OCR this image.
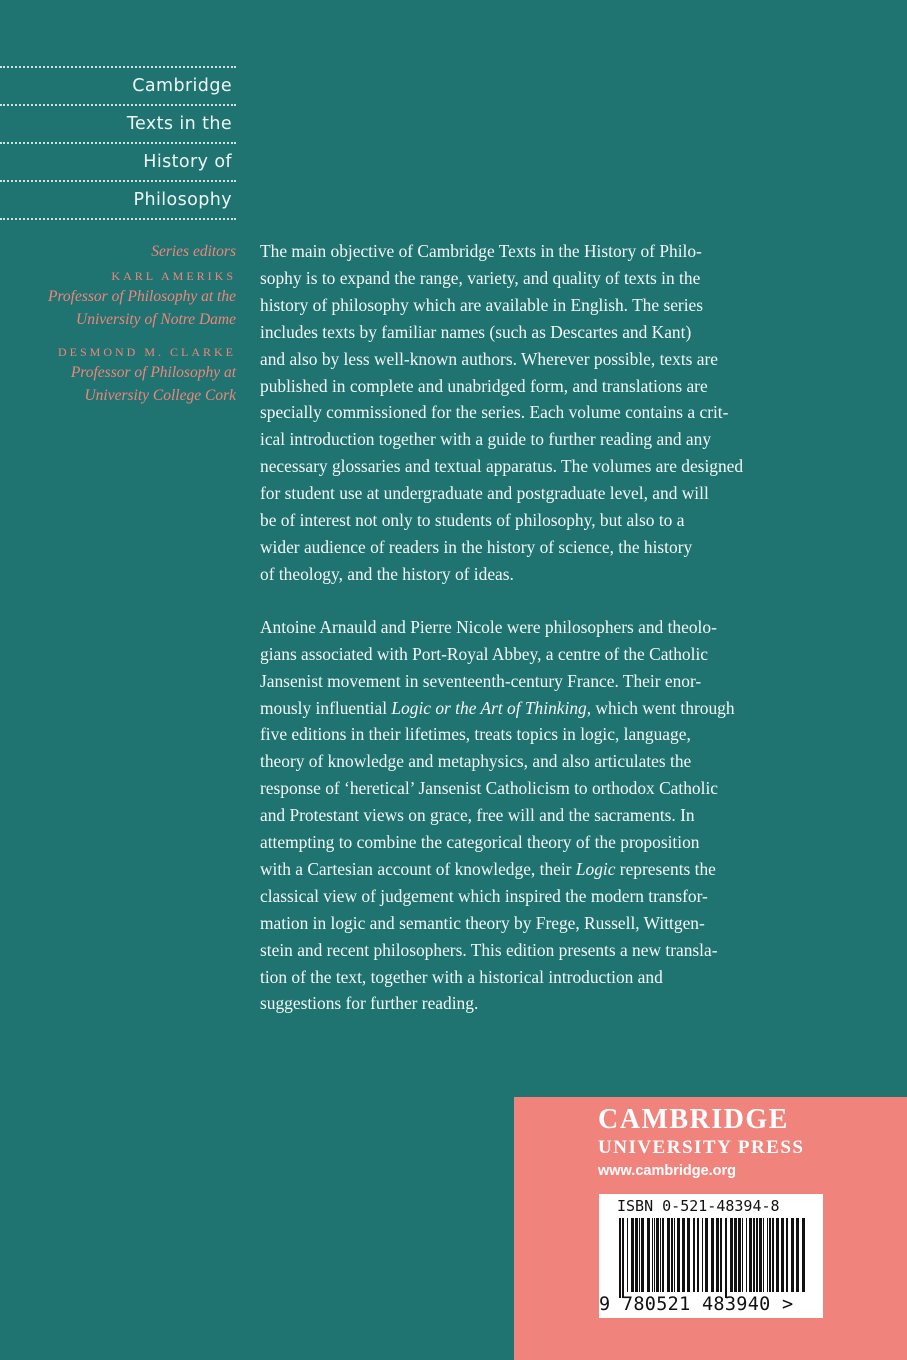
Cambridge
Texts in the
History of
Philosophy
Series editors
KARL AMERIKS
Professor of Philosophy at the
University of Notre Dame
DESMOND M. CLARKE
Professor of Philosophy at
University College Cork

The main objective of Cambridge Texts in the History of Philo-
sophy is to expand the range, variety, and quality of texts in the
history of philosophy which are available in English. The series
includes texts by familiar names (such as Descartes and Kant)
and also by less well-known authors. Wherever possible, texts are
published in complete and unabridged form, and translations are
specially commissioned for the series. Each volume contains a crit-
ical introduction together with a guide to further reading and any
necessary glossaries and textual apparatus. The volumes are designed
for student use at undergraduate and postgraduate level, and will
be of interest not only to students of philosophy, but also to a
wider audience of readers in the history of science, the history
of theology, and the history of ideas.

Antoine Arnauld and Pierre Nicole were philosophers and theolo-
gians associated with Port-Royal Abbey, a centre of the Catholic
Jansenist movement in seventeenth-century France. Their enor-
mously influential Logic or the Art of Thinking, which went through
five editions in their lifetimes, treats topics in logic, language,
theory of knowledge and metaphysics, and also articulates the
response of ‘heretical’ Jansenist Catholicism to orthodox Catholic
and Protestant views on grace, free will and the sacraments. In
attempting to combine the categorical theory of the proposition
with a Cartesian account of knowledge, their Logic represents the
classical view of judgement which inspired the modern transfor-
mation in logic and semantic theory by Frege, Russell, Wittgen-
stein and recent philosophers. This edition presents a new transla-
tion of the text, together with a historical introduction and
suggestions for further reading.

CAMBRIDGE
UNIVERSITY PRESS
www.cambridge.org
ISBN 0-521-48394-8
9 780521 483940 >
